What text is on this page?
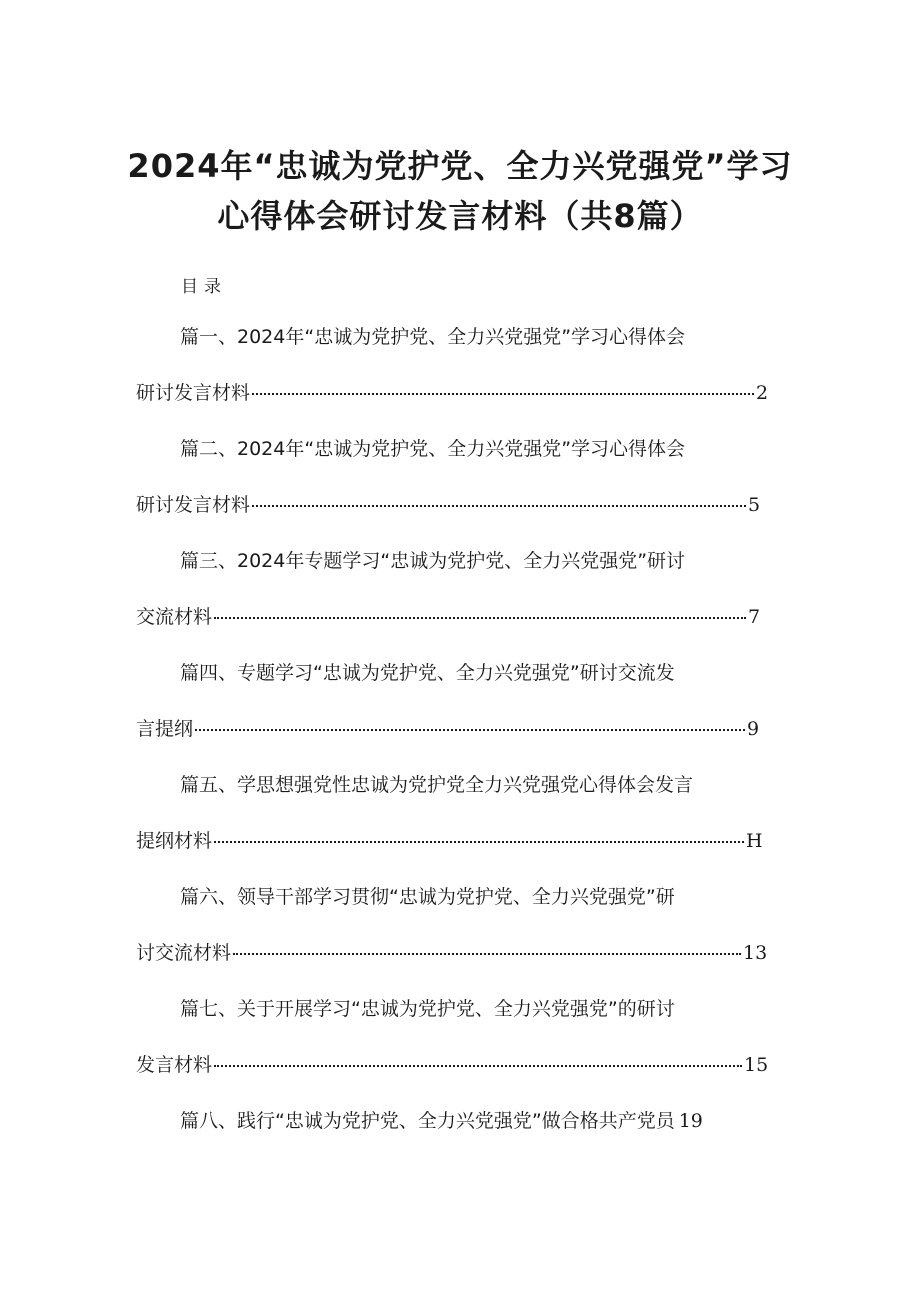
2024年“忠诚为党护党、全力兴党强党”学习
心得体会研讨发言材料（共8篇）
目录
篇一、2024年“忠诚为党护党、全力兴党强党”学习心得体会
研讨发言材料	2
篇二、2024年“忠诚为党护党、全力兴党强党”学习心得体会
研讨发言材料	5
篇三、2024年专题学习“忠诚为党护党、全力兴党强党”研讨
交流材料	7
篇四、专题学习“忠诚为党护党、全力兴党强党”研讨交流发
言提纲	9
篇五、学思想强党性忠诚为党护党全力兴党强党心得体会发言
提纲材料	H
篇六、领导干部学习贯彻“忠诚为党护党、全力兴党强党”研
讨交流材料	13
篇七、关于开展学习“忠诚为党护党、全力兴党强党”的研讨
发言材料	15
篇八、践行“忠诚为党护党、全力兴党强党”做合格共产党员 19
